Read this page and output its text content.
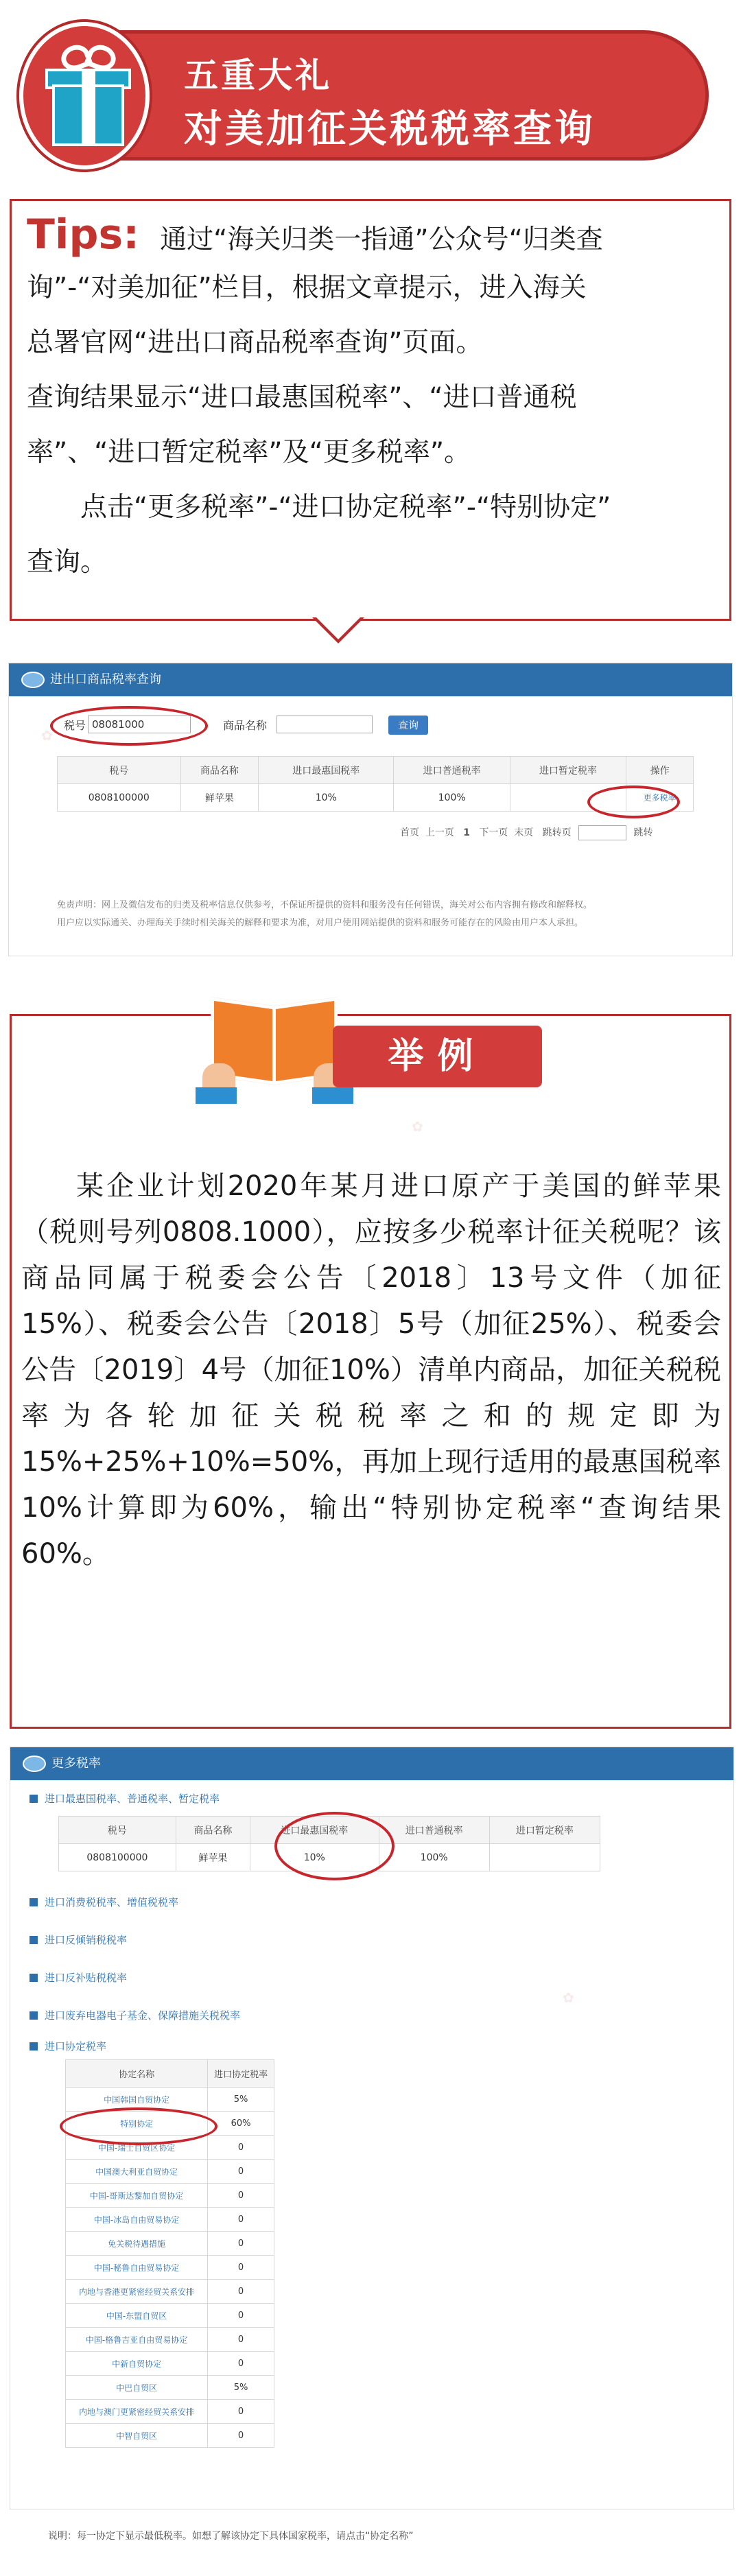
五重大礼
对美加征关税税率查询
Tips: 通过“海关归类一指通”公众号“归类查
询”-“对美加征”栏目，根据文章提示，进入海关
总署官网“进出口商品税率查询”页面。
查询结果显示“进口最惠国税率”、“进口普通税
率”、“进口暂定税率”及“更多税率”。
点击“更多税率”-“进口协定税率”-“特别协定”
查询。
进出口商品税率查询
税号 08081000	商品名称	查询
税号	商品名称	进口最惠国税率	进口普通税率	进口暂定税率	操作
0808100000	鲜苹果	10%	100%		更多税率
首页 上一页 1 下一页 末页 跳转页	跳转
免责声明：网上及微信发布的归类及税率信息仅供参考，不保证所提供的资料和服务没有任何错误，海关对公布内容拥有修改和解释权。
用户应以实际通关、办理海关手续时相关海关的解释和要求为准，对用户使用网站提供的资料和服务可能存在的风险由用户本人承担。

某企业计划2020年某月进口原产于美国的鲜苹果（税则号列0808.1000），应按多少税率计征关税呢？该商品同属于税委会公告〔2018〕13号文件（加征15%）、税委会公告〔2018〕5号（加征25%）、税委会公告〔2019〕4号（加征10%）清单内商品，加征关税税率为各轮加征关税税率之和的规定即为15%+25%+10%=50%，再加上现行适用的最惠国税率10%计算即为60%，输出“特别协定税率“查询结果60%。

举例
更多税率
进口最惠国税率、普通税率、暂定税率
税号	商品名称	进口最惠国税率	进口普通税率	进口暂定税率
0808100000	鲜苹果	10%	100%	
进口消费税税率、增值税税率
进口反倾销税税率
进口反补贴税税率
进口废弃电器电子基金、保障措施关税税率
进口协定税率
协定名称	进口协定税率
中国韩国自贸协定	5%
特别协定	60%
中国-瑞士自贸区协定	0
中国澳大利亚自贸协定	0
中国-哥斯达黎加自贸协定	0
中国-冰岛自由贸易协定	0
免关税待遇措施	0
中国-秘鲁自由贸易协定	0
内地与香港更紧密经贸关系安排	0
中国-东盟自贸区	0
中国-格鲁吉亚自由贸易协定	0
中新自贸协定	0
中巴自贸区	5%
内地与澳门更紧密经贸关系安排	0
中智自贸区	0
说明：每一协定下显示最低税率。如想了解该协定下具体国家税率，请点击“协定名称”
✿
✿
✿
